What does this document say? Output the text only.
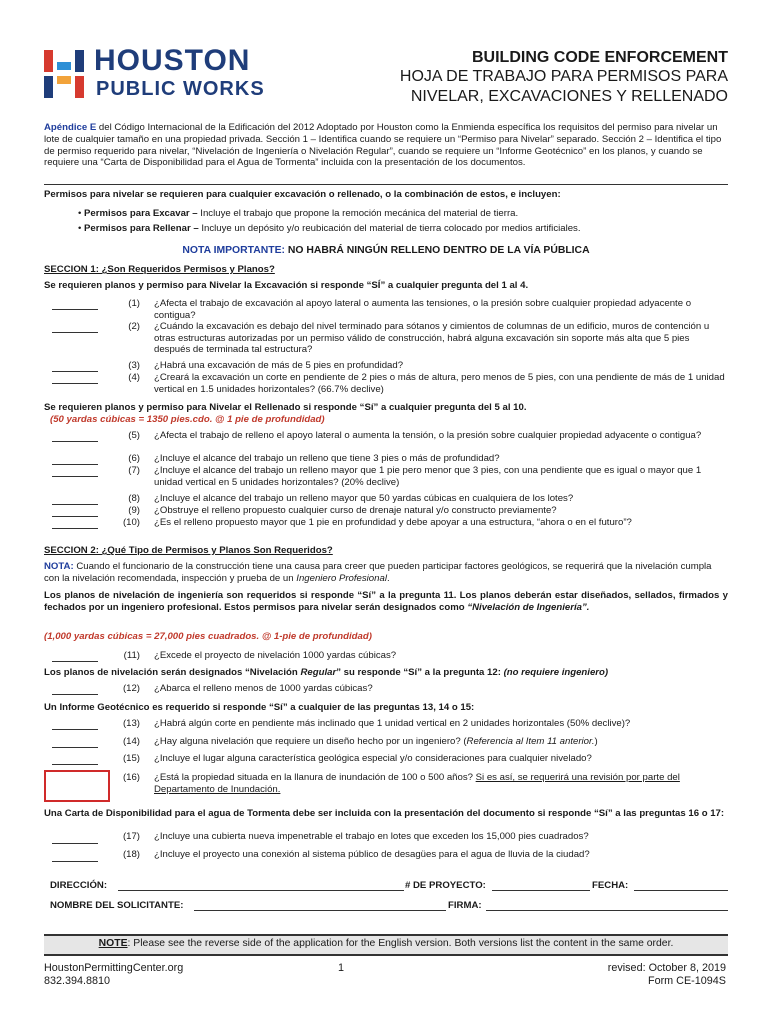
HOUSTON
PUBLIC WORKS
BUILDING CODE ENFORCEMENT
HOJA DE TRABAJO PARA PERMISOS PARA
NIVELAR, EXCAVACIONES Y RELLENADO
Apéndice E del Código Internacional de la Edificación del 2012 Adoptado por Houston como la Enmienda específica los requisitos del permiso para nivelar un lote de cualquier tamaño en una propiedad privada. Sección 1 – Identifica cuando se requiere un “Permiso para Nivelar” separado. Sección 2 – Identifica el tipo de permiso requerido para nivelar, “Nivelación de Ingeniería o Nivelación Regular”, cuando se requiere un “Informe Geotécnico” en los planos, y cuando se requiere una “Carta de Disponibilidad para el Agua de Tormenta” incluida con la presentación de los documentos.
Permisos para nivelar se requieren para cualquier excavación o rellenado, o la combinación de estos, e incluyen:
• Permisos para Excavar – Incluye el trabajo que propone la remoción mecánica del material de tierra.
• Permisos para Rellenar – Incluye un depósito y/o reubicación del material de tierra colocado por medios artificiales.
NOTA IMPORTANTE: NO HABRÁ NINGÚN RELLENO DENTRO DE LA VÍA PÚBLICA
SECCION 1: ¿Son Requeridos Permisos y Planos?
Se requieren planos y permiso para Nivelar la Excavación si responde “SÍ” a cualquier pregunta del 1 al 4.
(1) ¿Afecta el trabajo de excavación al apoyo lateral o aumenta las tensiones, o la presión sobre cualquier propiedad adyacente o contigua?
(2) ¿Cuándo la excavación es debajo del nivel terminado para sótanos y cimientos de columnas de un edificio, muros de contención u otras estructuras autorizadas por un permiso válido de construcción, habrá alguna excavación sin soporte más alta que 5 pies después de terminada tal estructura?
(3) ¿Habrá una excavación de más de 5 pies en profundidad?
(4) ¿Creará la excavación un corte en pendiente de 2 pies o más de altura, pero menos de 5 pies, con una pendiente de más de 1 unidad vertical en 1.5 unidades horizontales? (66.7% declive)
Se requieren planos y permiso para Nivelar el Rellenado si responde “Sí” a cualquier pregunta del 5 al 10.
(50 yardas cúbicas = 1350 pies.cdo. @ 1 pie de profundidad)
(5) ¿Afecta el trabajo de relleno el apoyo lateral o aumenta la tensión, o la presión sobre cualquier propiedad adyacente o contigua?
(6) ¿Incluye el alcance del trabajo un relleno que tiene 3 pies o más de profundidad?
(7) ¿Incluye el alcance del trabajo un relleno mayor que 1 pie pero menor que 3 pies, con una pendiente que es igual o mayor que 1 unidad vertical en 5 unidades horizontales? (20% declive)
(8) ¿Incluye el alcance del trabajo un relleno mayor que 50 yardas cúbicas en cualquiera de los lotes?
(9) ¿Obstruye el relleno propuesto cualquier curso de drenaje natural y/o constructo previamente?
(10) ¿Es el relleno propuesto mayor que 1 pie en profundidad y debe apoyar a una estructura, “ahora o en el futuro”?
SECCION 2: ¿Qué Tipo de Permisos y Planos Son Requeridos?
NOTA: Cuando el funcionario de la construcción tiene una causa para creer que pueden participar factores geológicos, se requerirá que la nivelación cumpla con la nivelación recomendada, inspección y prueba de un Ingeniero Profesional.
Los planos de nivelación de ingeniería son requeridos si responde “Sí” a la pregunta 11. Los planos deberán estar diseñados, sellados, firmados y fechados por un ingeniero profesional. Estos permisos para nivelar serán designados como “Nivelación de Ingeniería”.
(1,000 yardas cúbicas = 27,000 pies cuadrados. @ 1-pie de profundidad)
(11) ¿Excede el proyecto de nivelación 1000 yardas cúbicas?
Los planos de nivelación serán designados “Nivelación Regular” su responde “Sí” a la pregunta 12: (no requiere ingeniero)
(12) ¿Abarca el relleno menos de 1000 yardas cúbicas?
Un Informe Geotécnico es requerido si responde “Sí” a cualquier de las preguntas 13, 14 o 15:
(13) ¿Habrá algún corte en pendiente más inclinado que 1 unidad vertical en 2 unidades horizontales (50% declive)?
(14) ¿Hay alguna nivelación que requiere un diseño hecho por un ingeniero? (Referencia al Item 11 anterior.)
(15) ¿Incluye el lugar alguna característica geológica especial y/o consideraciones para cualquier nivelado?
(16) ¿Está la propiedad situada en la llanura de inundación de 100 o 500 años? Si es así, se requerirá una revisión por parte del Departamento de Inundación.
Una Carta de Disponibilidad para el agua de Tormenta debe ser incluida con la presentación del documento si responde “Sí” a las preguntas 16 o 17:
(17) ¿Incluye una cubierta nueva impenetrable el trabajo en lotes que exceden los 15,000 pies cuadrados?
(18) ¿Incluye el proyecto una conexión al sistema público de desagües para el agua de lluvia de la ciudad?
DIRECCIÓN:	# DE PROYECTO:	FECHA:
NOMBRE DEL SOLICITANTE:	FIRMA:
NOTE: Please see the reverse side of the application for the English version. Both versions list the content in the same order.
HoustonPermittingCenter.org
832.394.8810
1	revised: October 8, 2019
Form CE-1094S
